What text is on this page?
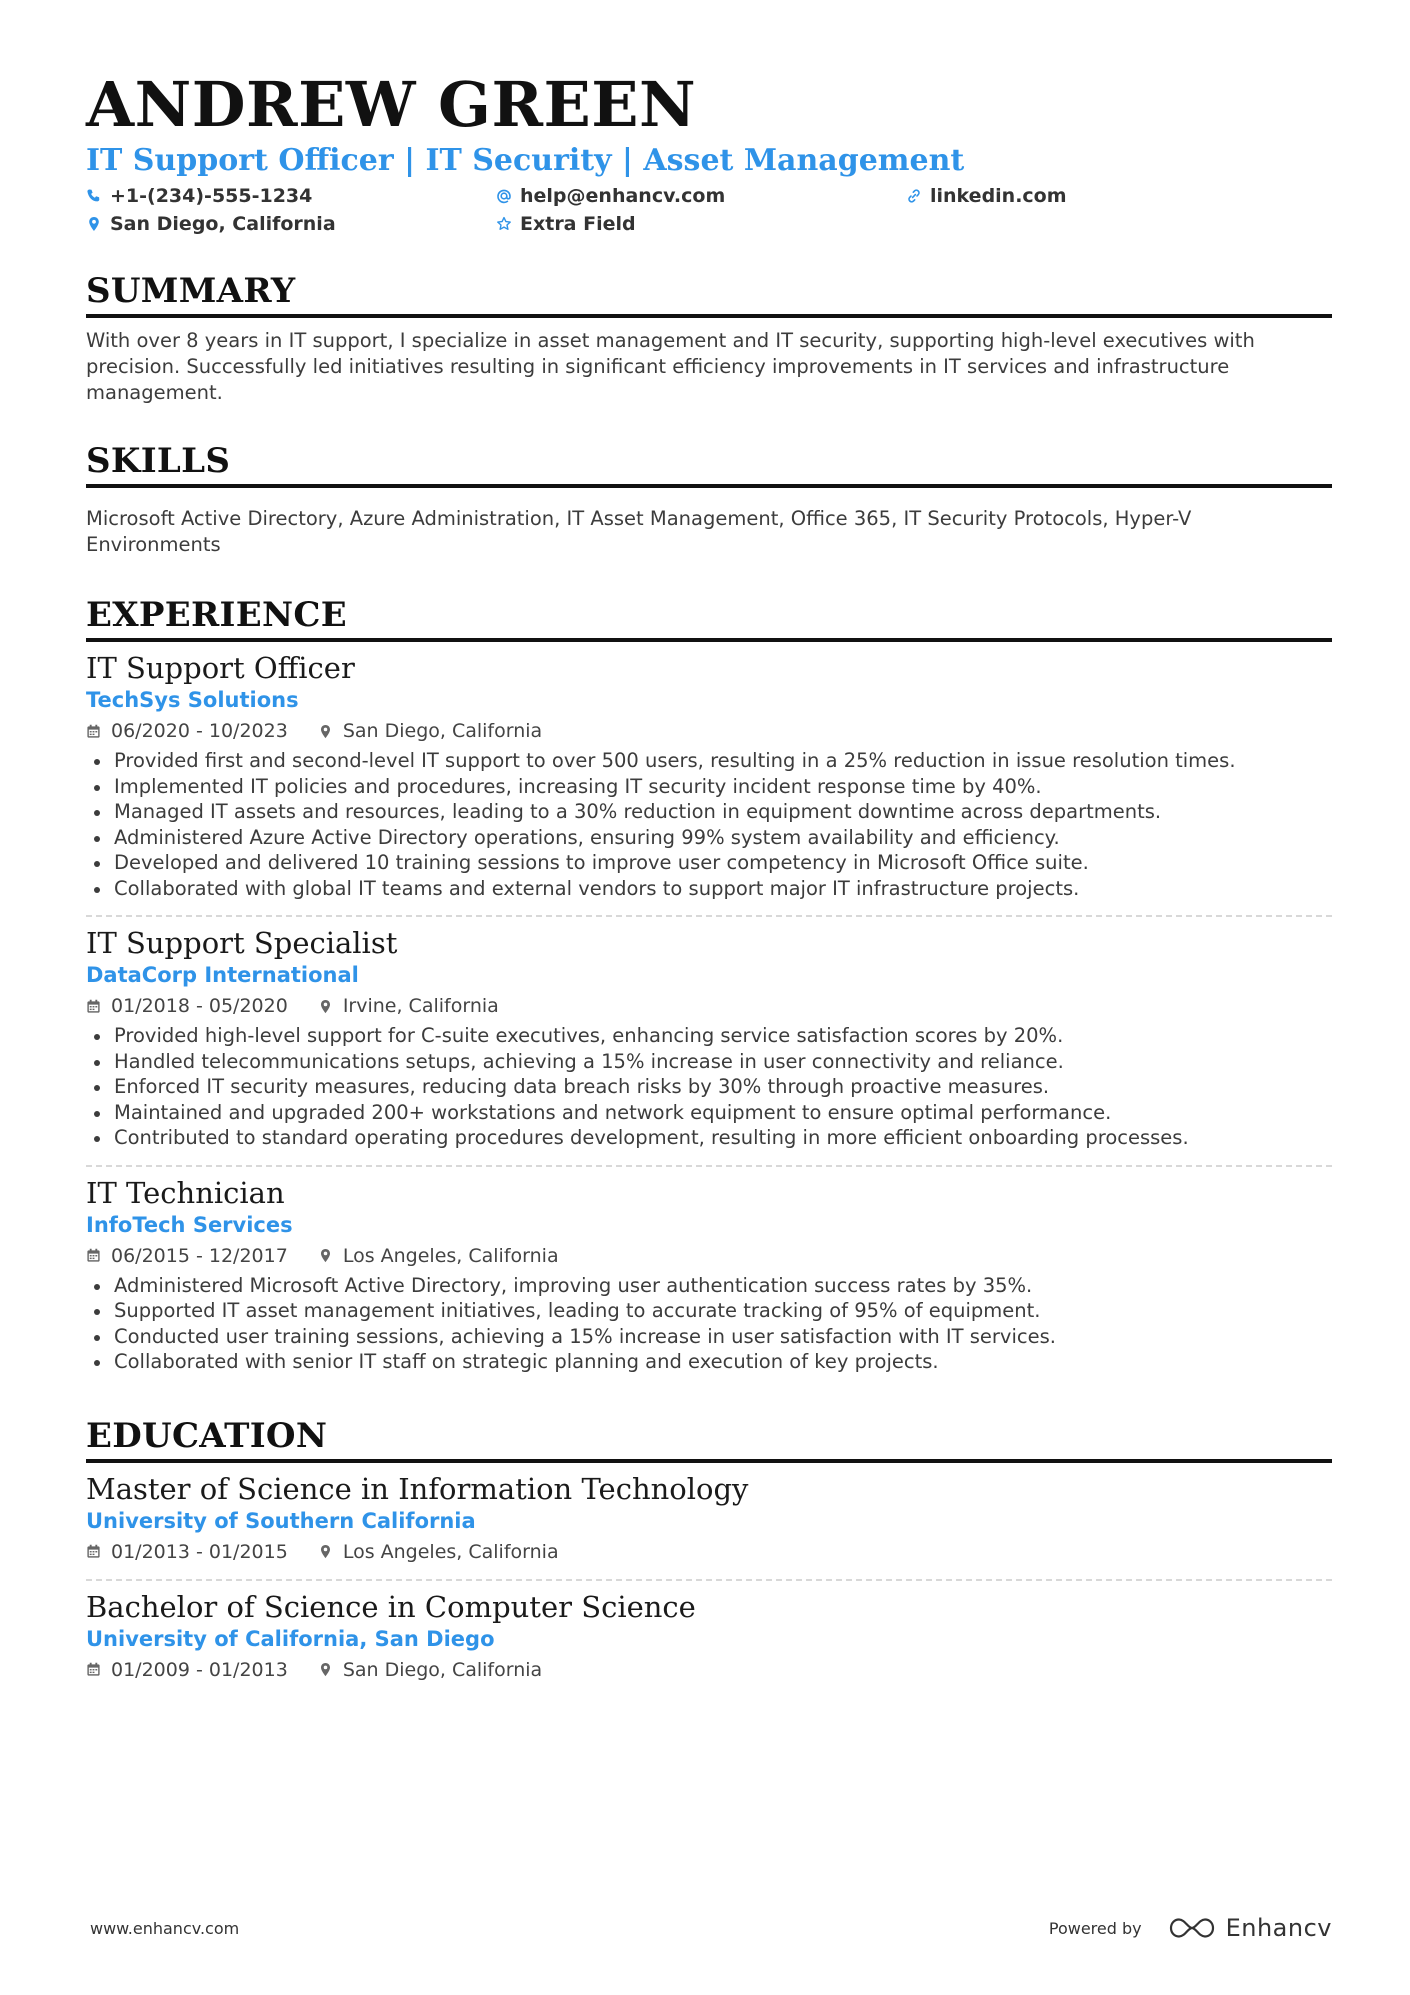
ANDREW GREEN
IT Support Officer | IT Security | Asset Management
+1-(234)-555-1234	help@enhancv.com	linkedin.com
San Diego, California	Extra Field
SUMMARY

With over 8 years in IT support, I specialize in asset management and IT security, supporting high-level executives with precision. Successfully led initiatives resulting in significant efficiency improvements in IT services and infrastructure management.

SKILLS

Microsoft Active Directory, Azure Administration, IT Asset Management, Office 365, IT Security Protocols, Hyper-V Environments

EXPERIENCE
IT Support Officer
TechSys Solutions
06/2020 - 10/2023	San Diego, California
Provided first and second-level IT support to over 500 users, resulting in a 25% reduction in issue resolution times.
Implemented IT policies and procedures, increasing IT security incident response time by 40%.
Managed IT assets and resources, leading to a 30% reduction in equipment downtime across departments.
Administered Azure Active Directory operations, ensuring 99% system availability and efficiency.
Developed and delivered 10 training sessions to improve user competency in Microsoft Office suite.
Collaborated with global IT teams and external vendors to support major IT infrastructure projects.
IT Support Specialist
DataCorp International
01/2018 - 05/2020	Irvine, California
Provided high-level support for C-suite executives, enhancing service satisfaction scores by 20%.
Handled telecommunications setups, achieving a 15% increase in user connectivity and reliance.
Enforced IT security measures, reducing data breach risks by 30% through proactive measures.
Maintained and upgraded 200+ workstations and network equipment to ensure optimal performance.
Contributed to standard operating procedures development, resulting in more efficient onboarding processes.
IT Technician
InfoTech Services
06/2015 - 12/2017	Los Angeles, California
Administered Microsoft Active Directory, improving user authentication success rates by 35%.
Supported IT asset management initiatives, leading to accurate tracking of 95% of equipment.
Conducted user training sessions, achieving a 15% increase in user satisfaction with IT services.
Collaborated with senior IT staff on strategic planning and execution of key projects.
EDUCATION
Master of Science in Information Technology
University of Southern California
01/2013 - 01/2015	Los Angeles, California
Bachelor of Science in Computer Science
University of California, San Diego
01/2009 - 01/2013	San Diego, California
www.enhancv.com	Powered by	Enhancv
